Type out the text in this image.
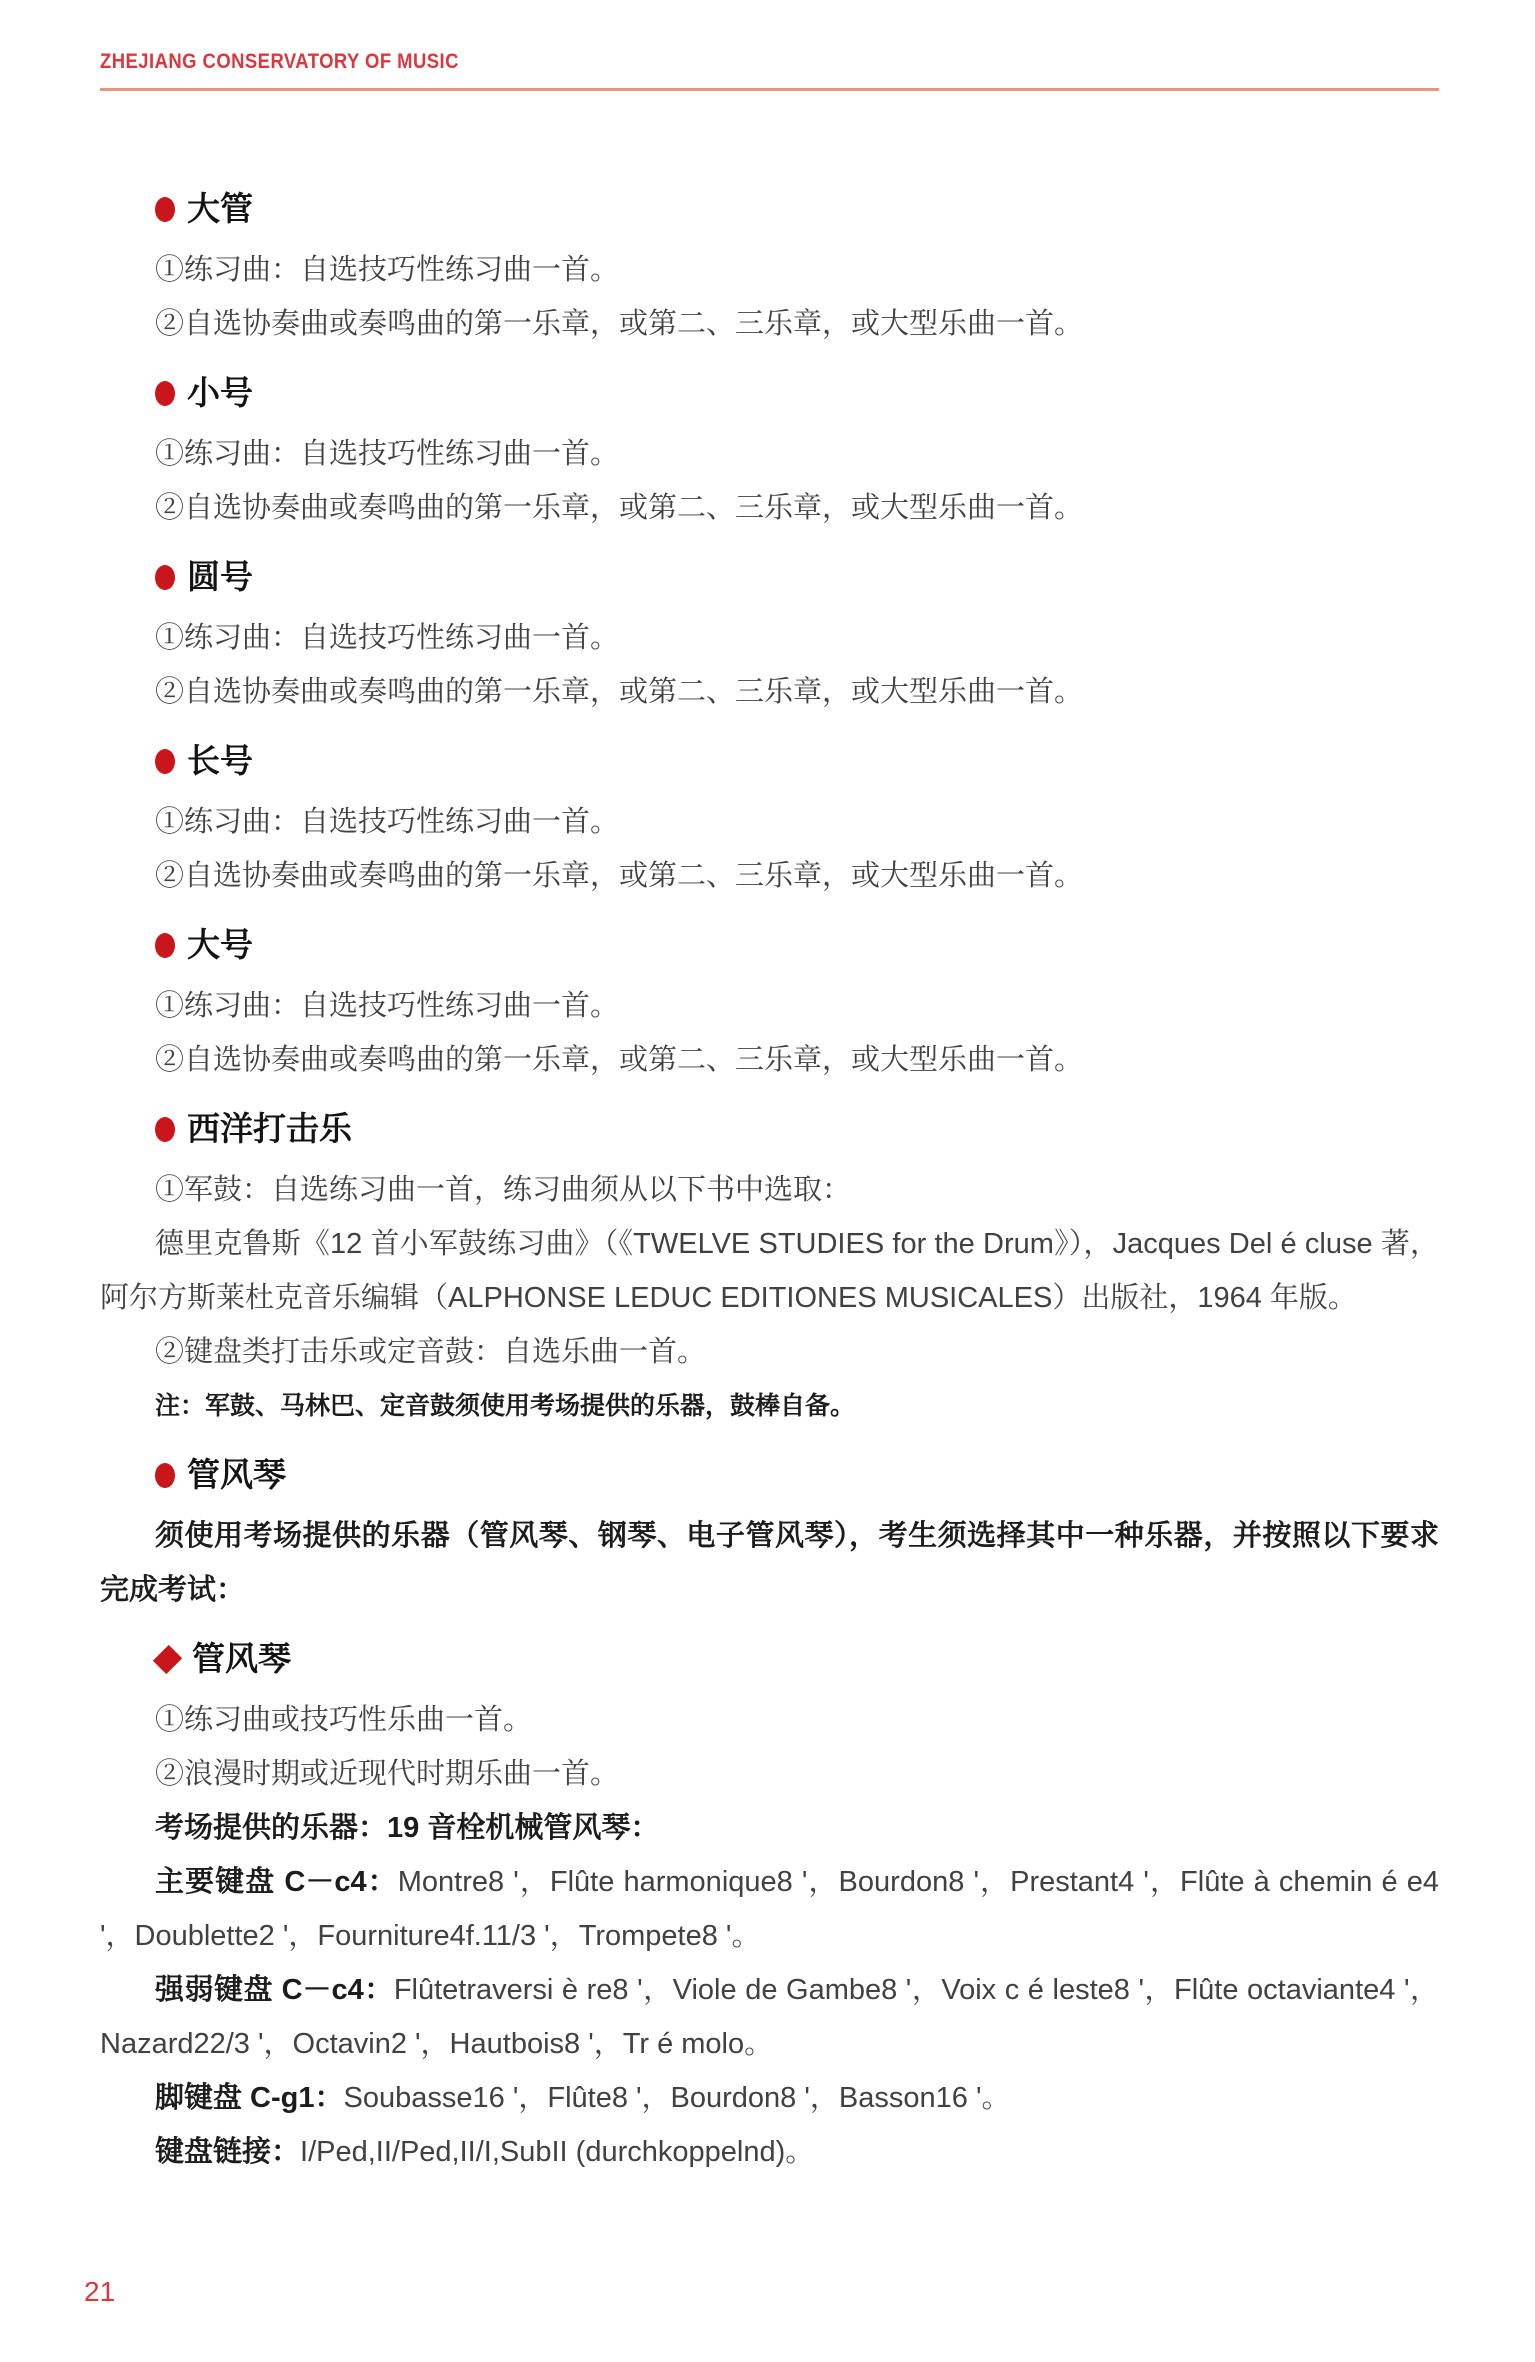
ZHEJIANG CONSERVATORY OF MUSIC
大管

①练习曲：自选技巧性练习曲一首。

②自选协奏曲或奏鸣曲的第一乐章，或第二、三乐章，或大型乐曲一首。

小号

①练习曲：自选技巧性练习曲一首。

②自选协奏曲或奏鸣曲的第一乐章，或第二、三乐章，或大型乐曲一首。

圆号

①练习曲：自选技巧性练习曲一首。

②自选协奏曲或奏鸣曲的第一乐章，或第二、三乐章，或大型乐曲一首。

长号

①练习曲：自选技巧性练习曲一首。

②自选协奏曲或奏鸣曲的第一乐章，或第二、三乐章，或大型乐曲一首。

大号

①练习曲：自选技巧性练习曲一首。

②自选协奏曲或奏鸣曲的第一乐章，或第二、三乐章，或大型乐曲一首。

西洋打击乐

①军鼓：自选练习曲一首，练习曲须从以下书中选取：

德里克鲁斯《12 首小军鼓练习曲》（《TWELVE STUDIES for the Drum》），Jacques Del é cluse 著，阿尔方斯莱杜克音乐编辑（ALPHONSE LEDUC EDITIONES MUSICALES）出版社，1964 年版。

②键盘类打击乐或定音鼓：自选乐曲一首。

注：军鼓、马林巴、定音鼓须使用考场提供的乐器，鼓棒自备。

管风琴

须使用考场提供的乐器（管风琴、钢琴、电子管风琴），考生须选择其中一种乐器，并按照以下要求完成考试：

管风琴

①练习曲或技巧性乐曲一首。

②浪漫时期或近现代时期乐曲一首。

考场提供的乐器：19 音栓机械管风琴：

主要键盘 C－c4：Montre8 '，Flûte harmonique8 '，Bourdon8 '，Prestant4 '，Flûte à chemin é e4 '，Doublette2 '，Fourniture4f.11/3 '，Trompete8 '。

强弱键盘 C－c4：Flûtetraversi è re8 '，Viole de Gambe8 '，Voix c é leste8 '，Flûte octaviante4 '，Nazard22/3 '，Octavin2 '，Hautbois8 '，Tr é molo。

脚键盘 C-g1：Soubasse16 '，Flûte8 '，Bourdon8 '，Basson16 '。

键盘链接：I/Ped,II/Ped,II/I,SubII (durchkoppelnd)。

21
